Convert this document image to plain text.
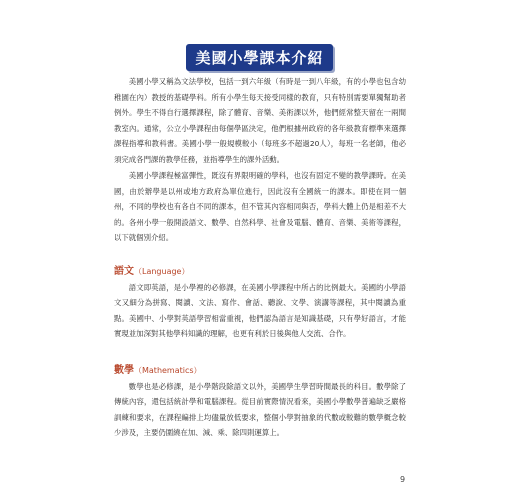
美國小學課本介紹

美國小學又稱為文法學校，包括一到六年級（有時是一到八年級，有的小學也包含幼稚園在內）教授的基礎學科。所有小學生每天接受同樣的教育，只有特別需要單獨幫助者例外。學生不得自行選擇課程，除了體育、音樂、美術課以外，他們經常整天留在一兩間教室內。通常，公立小學課程由每個學區決定，他們根據州政府的各年級教育標準來選擇課程指導和教科書。美國小學一般規模較小（每班多不超過20人），每班一名老師，他必須完成各門課的教學任務，並指導學生的課外活動。

美國小學課程極富彈性，既沒有界限明確的學科，也沒有固定不變的教學課時。在美國，由於辦學是以州或地方政府為單位進行，因此沒有全國統一的課本。即使在同一個州，不同的學校也有各自不同的課本，但不管其內容相同與否，學科大體上仍是相差不大的。各州小學一般開設語文、數學、自然科學、社會及電腦、體育、音樂、美術等課程，以下就個別介紹。

語文（Language）

語文即英語，是小學裡的必修課，在美國小學課程中所占的比例最大。美國的小學語文又細分為拼寫、閱讀、文法、寫作、會話、聽說、文學、演講等課程，其中閱讀為重點。美國中、小學對英語學習相當重視，他們認為語言是知識基礎，只有學好語言，才能實現並加深對其他學科知識的理解，也更有利於日後與他人交流、合作。

數學（Mathematics）

數學也是必修課，是小學階段除語文以外，美國學生學習時間最長的科目。數學除了傳統內容，還包括統計學和電腦課程。從目前實際情況看來，美國小學數學普遍缺乏嚴格訓練和要求，在課程編排上均儘量放低要求，整個小學對抽象的代數或較難的數學概念較少涉及，主要仍圍繞在加、減、乘、除四則運算上。

9
